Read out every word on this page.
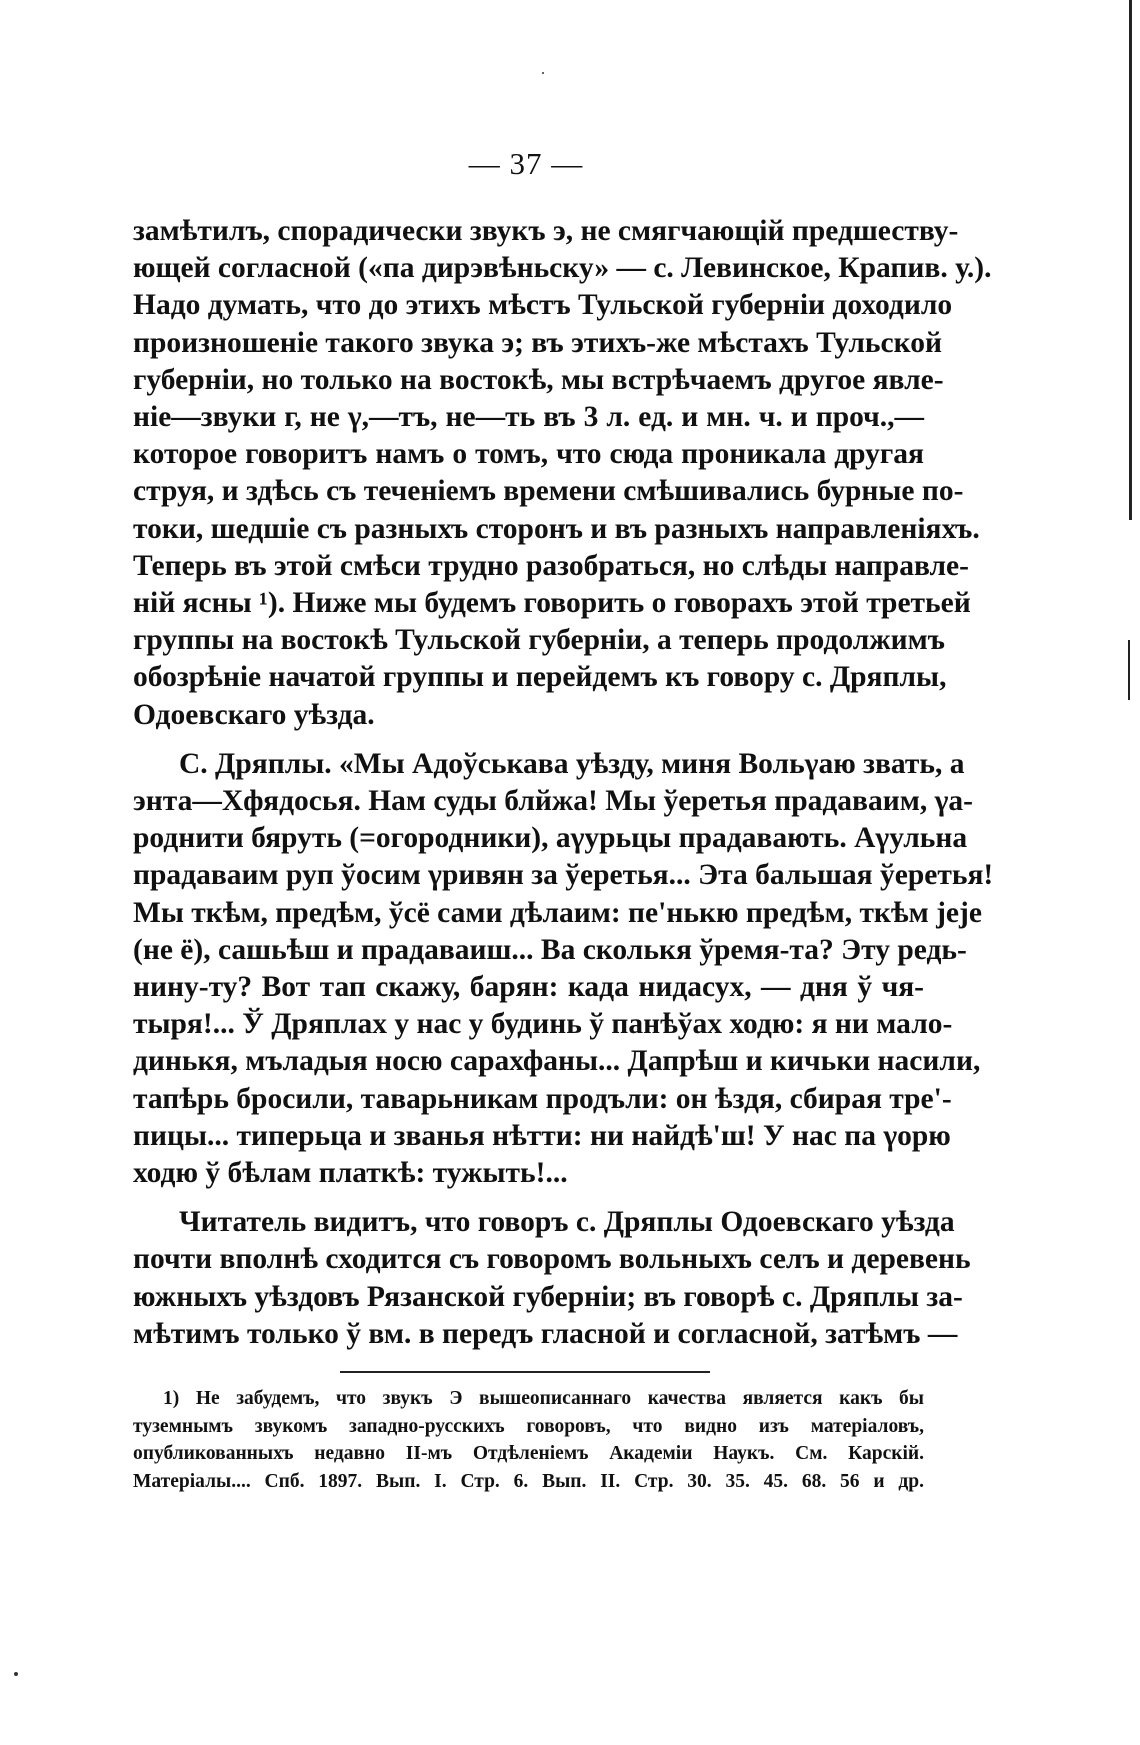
— 37 —
замѣтилъ, спорадически звукъ э, не смягчающій предшеству-
ющей согласной («па дирэвѣньску» — с. Левинское, Крапив. у.).
Надо думать, что до этихъ мѣстъ Тульской губерніи доходило
произношеніе такого звука э; въ этихъ-же мѣстахъ Тульской
губерніи, но только на востокѣ, мы встрѣчаемъ другое явле-
ніе—звуки г, не γ,—тъ, не—ть въ 3 л. ед. и мн. ч. и проч.,—
которое говоритъ намъ о томъ, что сюда проникала другая
струя, и здѣсь съ теченіемъ времени смѣшивались бурные по-
токи, шедшіе съ разныхъ сторонъ и въ разныхъ направленіяхъ.
Теперь въ этой смѣси трудно разобраться, но слѣды направле-
ній ясны ¹). Ниже мы будемъ говорить о говорахъ этой третьей
группы на востокѣ Тульской губерніи, а теперь продолжимъ
обозрѣніе начатой группы и перейдемъ къ говору с. Дряплы,
Одоевскаго уѣзда.
С. Дряплы. «Мы Адоўськава уѣзду, миня Вольγаю звать, а
энта—Хфядосья. Нам суды блйжа! Мы ўеретья прадаваим, γа-
роднити бяруть (=огородники), аγурьцы прадавають. Аγульна
прадаваим руп ўосим γривян за ўеретья... Эта бальшая ўеретья!
Мы ткѣм, предѣм, ўсё сами дѣлаим: пе'нькю предѣм, ткѣм јеје
(не ё), сашьѣш и прадаваиш... Ва сколькя ўремя-та? Эту редь-
нину-ту? Вот тап скажу, барян: када нидасух, — дня ў чя-
тыря!... Ў Дряплах у нас у будинь ў панѣўах ходю: я ни мало-
динькя, мъладыя носю сарахфаны... Дапрѣш и кичьки насили,
тапѣрь бросили, таварьникам продъли: он ѣздя, сбирая тре'-
пицы... типерьца и званья нѣтти: ни найдѣ'ш! У нас па γорю
ходю ў бѣлам платкѣ: тужыть!...
Читатель видитъ, что говоръ с. Дряплы Одоевскаго уѣзда
почти вполнѣ сходится съ говоромъ вольныхъ селъ и деревень
южныхъ уѣздовъ Рязанской губерніи; въ говорѣ с. Дряплы за-
мѣтимъ только ў вм. в передъ гласной и согласной, затѣмъ —
1) Не забудемъ, что звукъ Э вышеописаннаго качества является какъ бы
туземнымъ звукомъ западно-русскихъ говоровъ, что видно изъ матеріаловъ,
опубликованныхъ недавно II-мъ Отдѣленіемъ Академіи Наукъ. См. Карскій.
Матеріалы.... Спб. 1897. Вып. I. Стр. 6. Вып. II. Стр. 30. 35. 45. 68. 56 и др.
